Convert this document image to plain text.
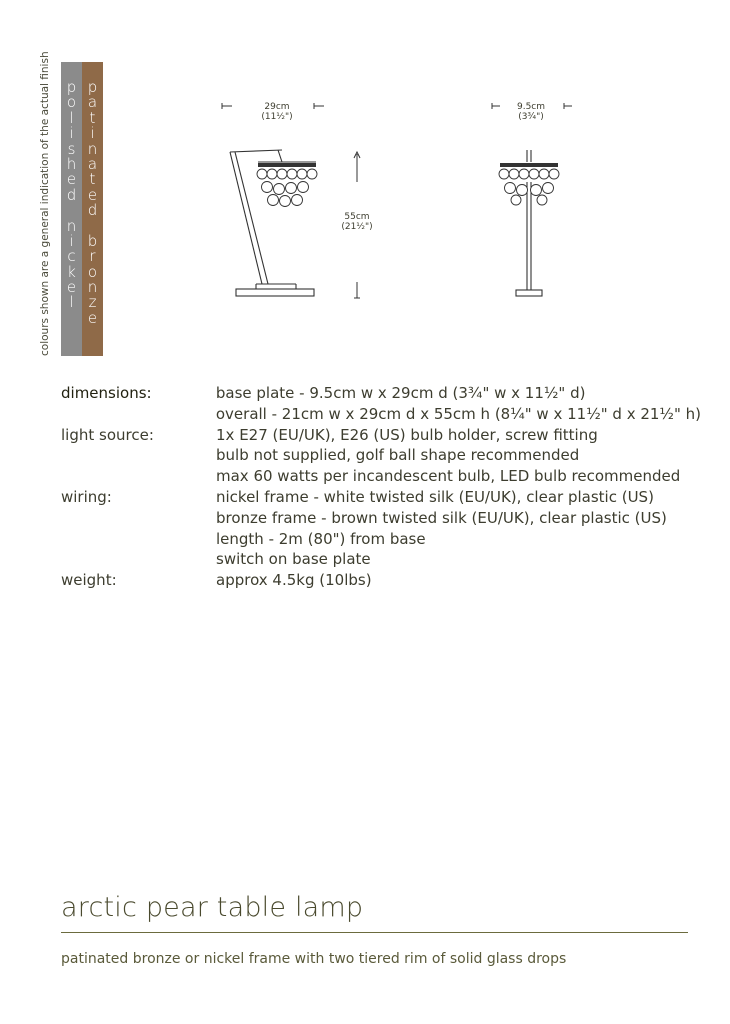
colours shown are a general indication of the actual finish p
o
l
i
s
h
e
d

n
i
c
k
e
l
p
a
t
i
n
a
t
e
d

b
r
o
n
z
e
29cm
(11½")
55cm
(21½")
9.5cm
(3¾")
dimensions:	base plate - 9.5cm w x 29cm d (3¾" w x 11½" d)
overall - 21cm w x 29cm d x 55cm h (8¼" w x 11½" d x 21½" h)
light source:	1x E27 (EU/UK), E26 (US) bulb holder, screw fitting
bulb not supplied, golf ball shape recommended
max 60 watts per incandescent bulb, LED bulb recommended
wiring:	nickel frame - white twisted silk (EU/UK), clear plastic (US)
bronze frame - brown twisted silk (EU/UK), clear plastic (US)
length - 2m (80") from base
switch on base plate
weight:	approx 4.5kg (10lbs)
arctic pear table lamp
patinated bronze or nickel frame with two tiered rim of solid glass drops
